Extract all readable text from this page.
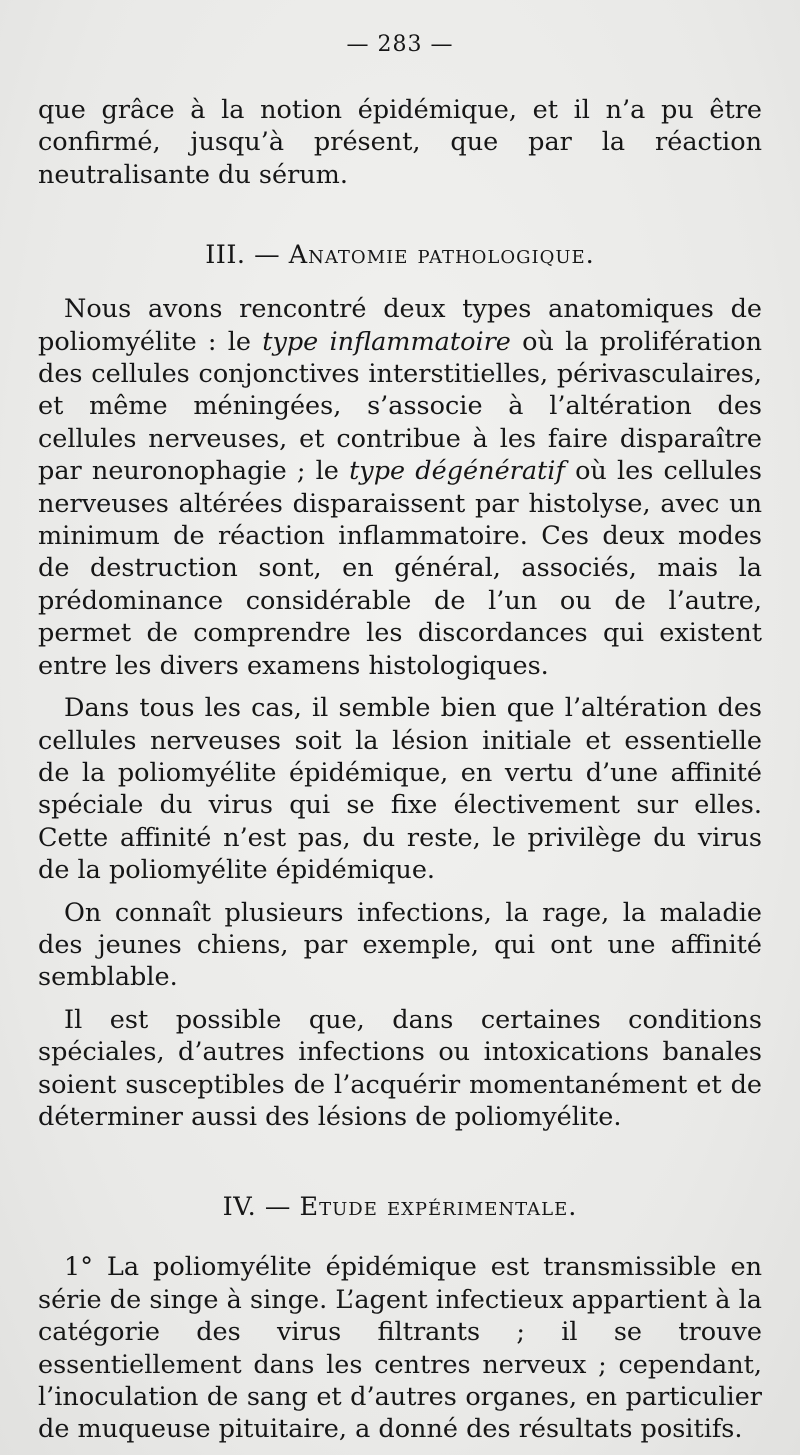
— 283 —

que grâce à la notion épidémique, et il n’a pu être confirmé, jusqu’à présent, que par la réaction neutralisante du sérum.

III. — Anatomie pathologique.

Nous avons rencontré deux types anatomiques de poliomyélite : le type inflammatoire où la prolifération des cellules conjonctives interstitielles, périvasculaires, et même méningées, s’associe à l’altération des cellules nerveuses, et contribue à les faire disparaître par neuronophagie ; le type dégénératif où les cellules nerveuses altérées disparaissent par histolyse, avec un minimum de réaction inflammatoire. Ces deux modes de destruction sont, en général, associés, mais la prédominance considérable de l’un ou de l’autre, permet de comprendre les discordances qui existent entre les divers examens histologiques.

Dans tous les cas, il semble bien que l’altération des cellules nerveuses soit la lésion initiale et essentielle de la poliomyélite épidémique, en vertu d’une affinité spéciale du virus qui se fixe électivement sur elles. Cette affinité n’est pas, du reste, le privilège du virus de la poliomyélite épidémique.

On connaît plusieurs infections, la rage, la maladie des jeunes chiens, par exemple, qui ont une affinité semblable.

Il est possible que, dans certaines conditions spéciales, d’autres infections ou intoxications banales soient susceptibles de l’acquérir momentanément et de déterminer aussi des lésions de poliomyélite.

IV. — Etude expérimentale.

1° La poliomyélite épidémique est transmissible en série de singe à singe. L’agent infectieux appartient à la catégorie des virus filtrants ; il se trouve essentiellement dans les centres nerveux ; cependant, l’inoculation de sang et d’autres organes, en particulier de muqueuse pituitaire, a donné des résultats positifs.
